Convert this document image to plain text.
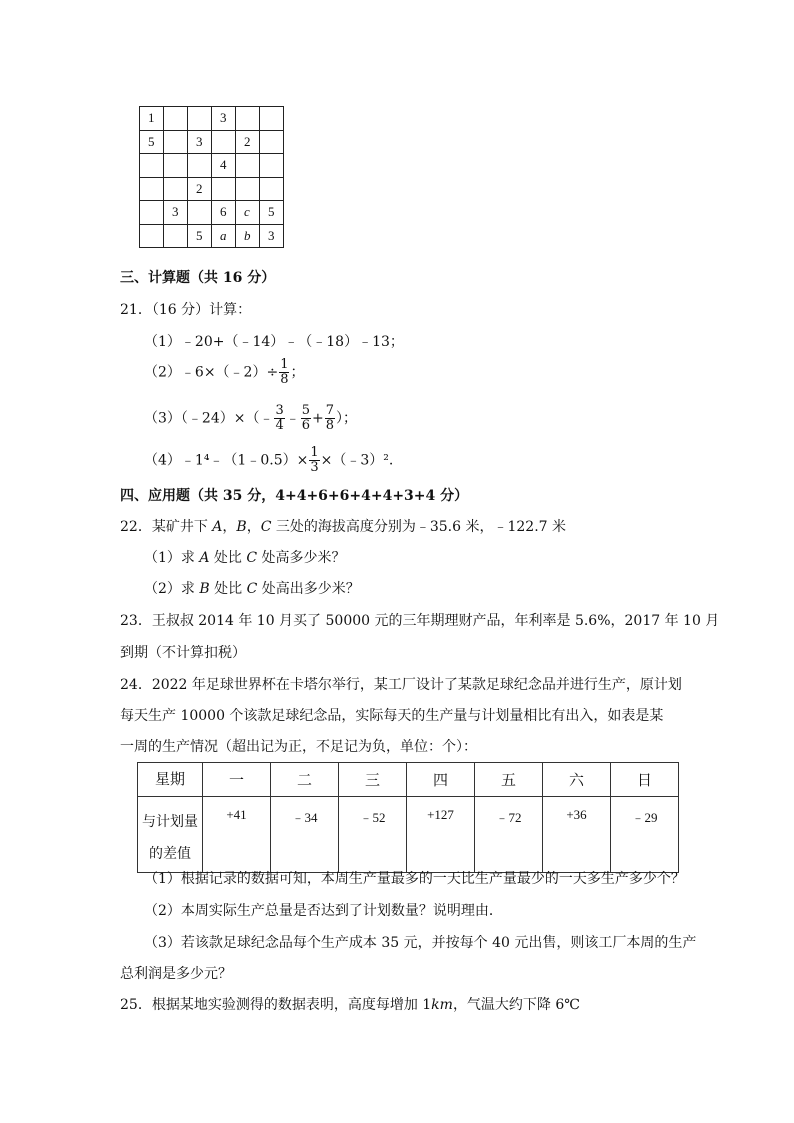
1			3		
5		3		2	
			4		
		2			
	3		6	c	5
		5	a	b	3
三、计算题（共 16 分）
21．（16 分）计算：
（1）﹣20+（﹣14）﹣（﹣18）﹣13；
（2）﹣6×（﹣2）÷ $\frac{1}{8}$ ；
（3）（﹣24）×（﹣ $\frac{3}{4}$ ﹣ $\frac{5}{6} + \frac{7}{8}$ ）；
（4）﹣1⁴﹣（1﹣0.5）× $\frac{1}{3}$ ×（﹣3）².
四、应用题（共 35 分，4+4+6+6+4+4+3+4 分）
22．某矿井下 A，B，C 三处的海拔高度分别为﹣35.6 米，﹣122.7 米
（1）求 A 处比 C 处高多少米？
（2）求 B 处比 C 处高出多少米？
23．王叔叔 2014 年 10 月买了 50000 元的三年期理财产品，年利率是 5.6%，2017 年 10 月
到期（不计算扣税）
24．2022 年足球世界杯在卡塔尔举行，某工厂设计了某款足球纪念品并进行生产，原计划
每天生产 10000 个该款足球纪念品，实际每天的生产量与计划量相比有出入，如表是某
一周的生产情况（超出记为正，不足记为负，单位：个）：
星期	一	二	三	四	五	六	日
与计划量
的差值	+41	﹣34	﹣52	+127	﹣72	+36	﹣29
（1）根据记录的数据可知，本周生产量最多的一天比生产量最少的一天多生产多少个？
（2）本周实际生产总量是否达到了计划数量？说明理由．
（3）若该款足球纪念品每个生产成本 35 元，并按每个 40 元出售，则该工厂本周的生产
总利润是多少元？
25．根据某地实验测得的数据表明，高度每增加 1km，气温大约下降 6℃
